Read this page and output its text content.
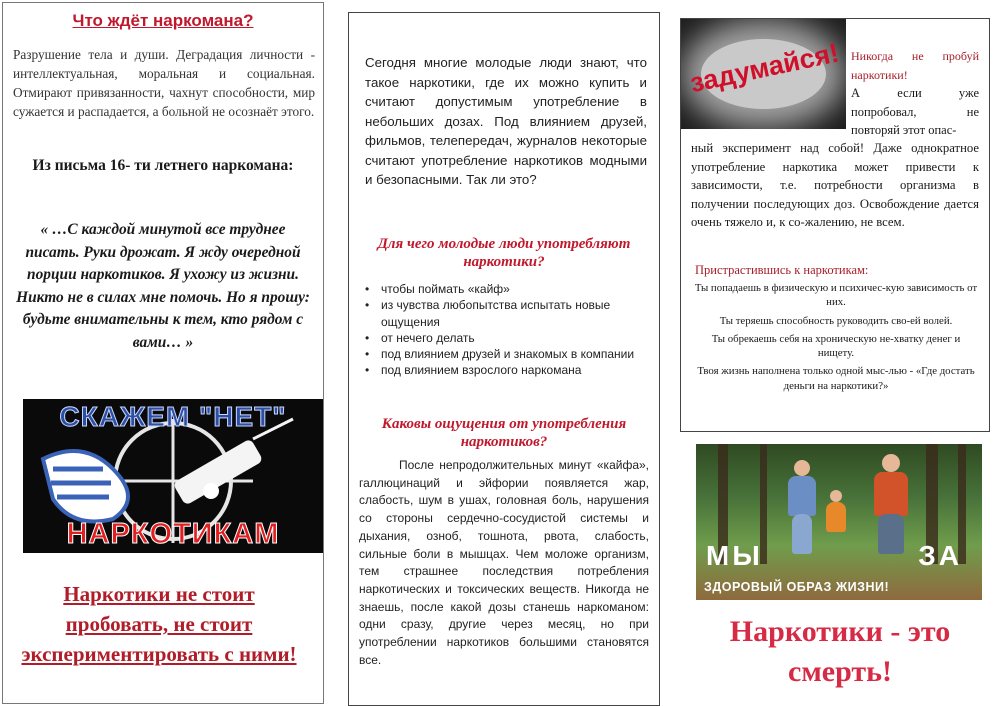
Что ждёт наркомана?
Разрушение тела и души. Деградация личности - интеллектуальная, моральная и социальная. Отмирают привязанности, чахнут способности, мир сужается и распадается, а больной не осознаёт этого.
Из письма 16- ти летнего наркомана:
« …С каждой минутой все труднее писать. Руки дрожат. Я жду очередной порции наркотиков. Я ухожу из жизни. Никто не в силах мне помочь. Но я прошу: будьте внимательны к тем, кто рядом с вами… »
СКАЖЕМ "НЕТ"
НАРКОТИКАМ
Наркотики не стоит пробовать, не стоит экспериментировать с ними!
Сегодня многие молодые люди знают, что такое наркотики, где их можно купить и считают допустимым употребление в небольших дозах. Под влиянием друзей, фильмов, телепередач, журналов некоторые считают употребление наркотиков модными и безопасными. Так ли это?
Для чего молодые люди употребляют наркотики?
• чтобы поймать «кайф»
• из чувства любопытства испытать новые ощущения
• от нечего делать
• под влиянием друзей и знакомых в компании
• под влиянием взрослого наркомана
Каковы ощущения от употребления наркотиков?
После непродолжительных минут «кайфа», галлюцинаций и эйфории появляется жар, слабость, шум в ушах, головная боль, нарушения со стороны сердечно-сосудистой системы и дыхания, озноб, тошнота, рвота, слабость, сильные боли в мышцах. Чем моложе организм, тем страшнее последствия потребления наркотических и токсических веществ. Никогда не знаешь, после какой дозы станешь наркоманом: одни сразу, другие через месяц, но при употреблении наркотиков большими становятся все.
задумайся! Никогда не пробуй наркотики!
А если уже попробовал, не повторяй этот опас-
ный эксперимент над собой! Даже однократное употребление наркотика может привести к зависимости, т.е. потребности организма в получении последующих доз. Освобождение дается очень тяжело и, к со-жалению, не всем.
Пристрастившись к наркотикам:
Ты попадаешь в физическую и психичес-кую зависимость от них.
Ты теряешь способность руководить сво-ей волей.
Ты обрекаешь себя на хроническую не-хватку денег и нищету.
Твоя жизнь наполнена только одной мыс-лью - «Где достать деньги на наркотики?»
МЫ	ЗА
ЗДОРОВЫЙ ОБРАЗ ЖИЗНИ!
Наркотики - это смерть!
